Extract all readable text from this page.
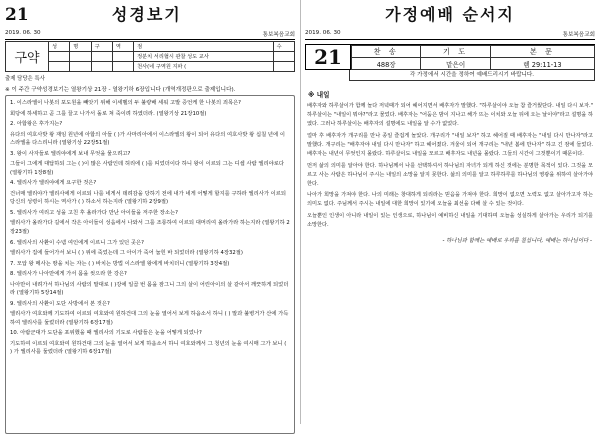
21	성경보기
2019. 06. 30	통보복음교회
구약	성	명	구	역	점	수
					정분치 서리협시 관찰 성도 교사	
					천사(네 구역원 지파 (	
출제 담당은 특사
※ 이 주간 구약성경보기는 열왕기상 21장 - 열왕기하 6장입니다 (개역개정판으로 출제입니다).

1. 이스라엘이 나봇의 포도원을 빼앗기 위해 이세벨의 두 불량배 세워 고발 증언케 한 나봇의 죄목은?

회당에 하세하고 곧 그를 끌고 나가서 돌로 쳐 죽이려 하였더라. (열왕기상 21장10절)

2. 아합왕은 후가지는?

유다의 여호사밧 왕 재임 원년에 아합의 아들 ( )가 사마리아에서 이스라엘의 왕이 되어 유다의 여호사밧 왕 십칠 년에 이스라엘을 다스리니라 (열왕기상 22장51절)

3. 왕이 사자들로 엘리야에게 보내 무엇을 물으려고?

그들이 그에게 대답하되 그는 ( )이 많은 사람인데 허리에 ( )를 띠었더이다 하니 왕이 이르되 그는 디셉 사람 엘리야로다 (열왕기하 1장8절)

4. 엘리사가 엘리야에게 요구한 것은?

건너매 엘리야가 엘리사에게 이르되 나를 네게서 데려감을 당하기 전에 내가 네게 어떻게 할지를 구하라 엘리사가 이르되 당신의 성령이 하시는 역사가 ( ) 하소서 하는지라 (열왕기하 2장9절)

5. 엘리사가 여리고 성을 고친 후 올라가다 만난 아이들을 저주한 장소는?

엘리사가 올라가다 길에서 작은 아이들이 성읍에서 나와서 그를 조롱하여 이르되 대머리여 올라가라 하는지라 (열왕기하 2장23절)

6. 엘리사의 사환이 수넴 여인에게 이르니 그가 있던 곳은?

엘리사가 집에 들어가서 보니 ( ) 위에 죽었는데 그 아이가 죽어 눕힌 바 되었더라 (열왕기하 4장32절)

7. 모압 왕 메사는 땅을 치는 자는 ( ) 바치는 방법 이스라엘 왕에게 바치더니 (열왕기하 3장4절)

8. 엘리사가 나아만에게 가서 몸을 씻으라 한 강은?

나아만이 내려가서 하나님의 사람의 말대로 ( )강에 일곱 번 몸을 잠그니 그의 살이 어린아이의 살 같아서 깨끗하게 되었더라 (열왕기하 5장14절)

9. 엘리사의 사환이 도단 사방에서 본 것은?

엘리사가 여호와께 기도하여 이르되 여호와여 원하건대 그의 눈을 열어서 보게 하옵소서 하니 ( ) 말과 불병거가 산에 가득하여 엘리사를 둘렀더라 (열왕기하 6장17절)

10. 아람군대가 도단을 포위했을 때 엘리사의 기도로 사람들은 눈을 어떻게 되었나?

기도하여 이르되 여호와여 원하건대 그의 눈을 열어서 보게 하옵소서 하니 여호와께서 그 청년의 눈을 여시매 그가 보니 ( ) 가 엘리사를 둘렀더라 (열왕기하 6장17절)

가정예배 순서지
2019. 06. 30	통보복음교회
21	찬 송	기 도	본 문
488장	맡은이	렘 29:11-13
각 가정에서 시간을 정하여 예배드리시기 바랍니다.
※ 내일

배후자와 하루살이가 함께 놀다 저녁때가 되어 헤어지면서 배후자가 말했다. "하루살이야 오늘 참 즐거웠단다. 내일 다시 보자." 하루살이는 "내일이 뭐야?"라고 물었다. 배후자는 "어둠은 밤이 지나고 해가 뜨는 이치와 오늘 뒤에 오는 날이야"라고 설명을 하였다. 그러나 하루살이는 배후자의 설명에도 내일을 알 수가 없었다.

얼마 후 배후자가 개구리를 만나 종일 즐겁게 놀았다. 개구리가 "내일 보자" 하고 헤어질 때 배후자는 "내일 다시 만나자"라고 말했다. 개구리는 "배후자야 내일 다시 만나자" 하고 헤어졌다. 겨울이 되어 개구리는 "내년 봄에 만나자" 하고 긴 잠에 들었다. 배후자는 내년이 무엇인지 몰랐다. 하루살이도 내일을 모르고 배후자도 내년을 몰랐다. 그들의 시간이 그것뿐이기 때문이다.

먼저 삶의 의미를 알아야 한다. 하나님께서 나를 선택하셔서 하나님의 자녀가 되게 하신 것에는 분명한 목적이 있다. 그것을 모르고 사는 사람은 하나님이 주시는 내일의 소망을 알지 못한다. 삶의 의미를 알고 하루하루를 하나님의 영광을 위하여 살아가야 한다.

나아가 희망을 가져야 한다. 나의 미래는 창대하게 되리라는 믿음을 가져야 한다. 희망이 없으면 노력도 없고 살아가고자 하는 의미도 없다. 주님께서 주시는 내일에 대한 희망이 있기에 오늘을 최선을 다해 살 수 있는 것이다.

오늘뿐인 인생이 아니라 내일이 있는 인생으로, 하나님이 예비하신 내일을 기대하며 오늘을 성실하게 살아가는 우리가 되기를 소망한다.

- 하나님과 함께는 예배로 우리를 칠십니다, 예배는 하나님이다 -
